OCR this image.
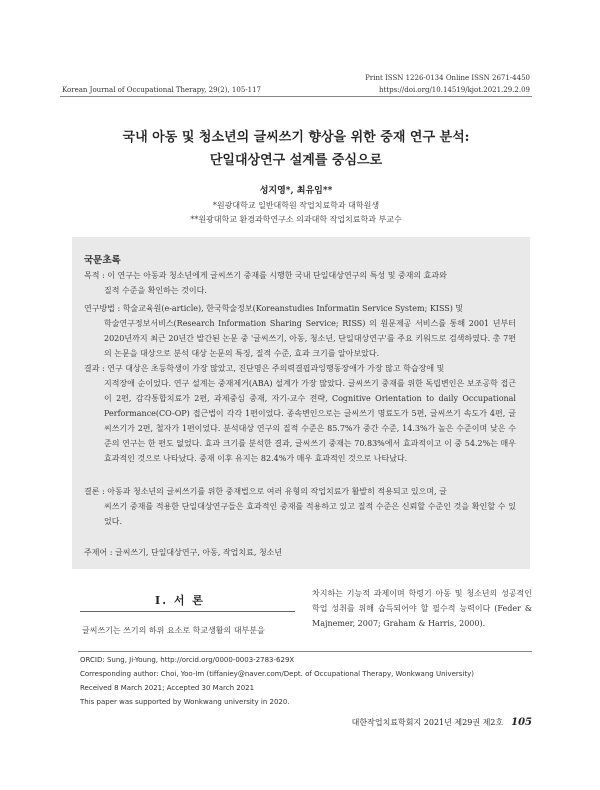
Korean Journal of Occupational Therapy, 29(2), 105-117
Print ISSN 1226-0134 Online ISSN 2671-4450
https://doi.org/10.14519/kjot.2021.29.2.09
국내 아동 및 청소년의 글씨쓰기 향상을 위한 중재 연구 분석:
단일대상연구 설계를 중심으로
성지영*, 최유임**
*원광대학교 일반대학원 작업치료학과 대학원생
**원광대학교 환경과학연구소 의과대학 작업치료학과 부교수
국문초록
목적 : 이 연구는 아동과 청소년에게 글씨쓰기 중재를 시행한 국내 단일대상연구의 특성 및 중재의 효과와
질적 수준을 확인하는 것이다.
연구방법 : 학술교육원(e-article), 한국학술정보(Koreanstudies Informatin Service System; KISS) 및
학술연구정보서비스(Research Information Sharing Service; RISS) 의 원문제공 서비스를 통해 2001 년부터 2020년까지 최근 20년간 발간된 논문 중 '글씨쓰기, 아동, 청소년, 단일대상연구'를 주요 키워드로 검색하였다. 총 7편의 논문을 대상으로 분석 대상 논문의 특징, 질적 수준, 효과 크기를 알아보았다.
결과 : 연구 대상은 초등학생이 가장 많았고, 진단명은 주의력결핍과잉행동장애가 가장 많고 학습장애 및
지적장애 순이었다. 연구 설계는 중재제거(ABA) 설계가 가장 많았다. 글씨쓰기 중재를 위한 독립변인은 보조공학 접근이 2편, 감각통합치료가 2편, 과제중심 중재, 자기-교수 전략, Cognitive Orientation to daily Occupational Performance(CO-OP) 접근법이 각각 1편이었다. 종속변인으로는 글씨쓰기 명료도가 5편, 글씨쓰기 속도가 4편, 글씨쓰기가 2편, 철자가 1편이었다. 분석대상 연구의 질적 수준은 85.7%가 중간 수준, 14.3%가 높은 수준이며 낮은 수준의 연구는 한 편도 없었다. 효과 크기를 분석한 결과, 글씨쓰기 중재는 70.83%에서 효과적이고 이 중 54.2%는 매우 효과적인 것으로 나타났다. 중재 이후 유지는 82.4%가 매우 효과적인 것으로 나타났다.
결론 : 아동과 청소년의 글씨쓰기를 위한 중재법으로 여러 유형의 작업치료가 활발히 적용되고 있으며, 글
씨쓰기 중재를 적용한 단일대상연구들은 효과적인 중재를 적용하고 있고 질적 수준은 신뢰할 수준인 것을 확인할 수 있었다.
주제어 : 글씨쓰기, 단일대상연구, 아동, 작업치료, 청소년
Ⅰ. 서 론
글씨쓰기는 쓰기의 하위 요소로 학교생활의 대부분을
차지하는 기능적 과제이며 학령기 아동 및 청소년의 성공적인 학업 성취를 위해 습득되어야 할 필수적 능력이다 (Feder & Majnemer, 2007; Graham & Harris, 2000).
ORCID: Sung, Ji-Young, http://orcid.org/0000-0003-2783-629X
Corresponding author: Choi, Yoo-Im (tiffaniey@naver.com/Dept. of Occupational Therapy, Wonkwang University)
Received 8 March 2021; Accepted 30 March 2021
This paper was supported by Wonkwang university in 2020.
대한작업치료학회지 2021년 제29권 제2호 105
